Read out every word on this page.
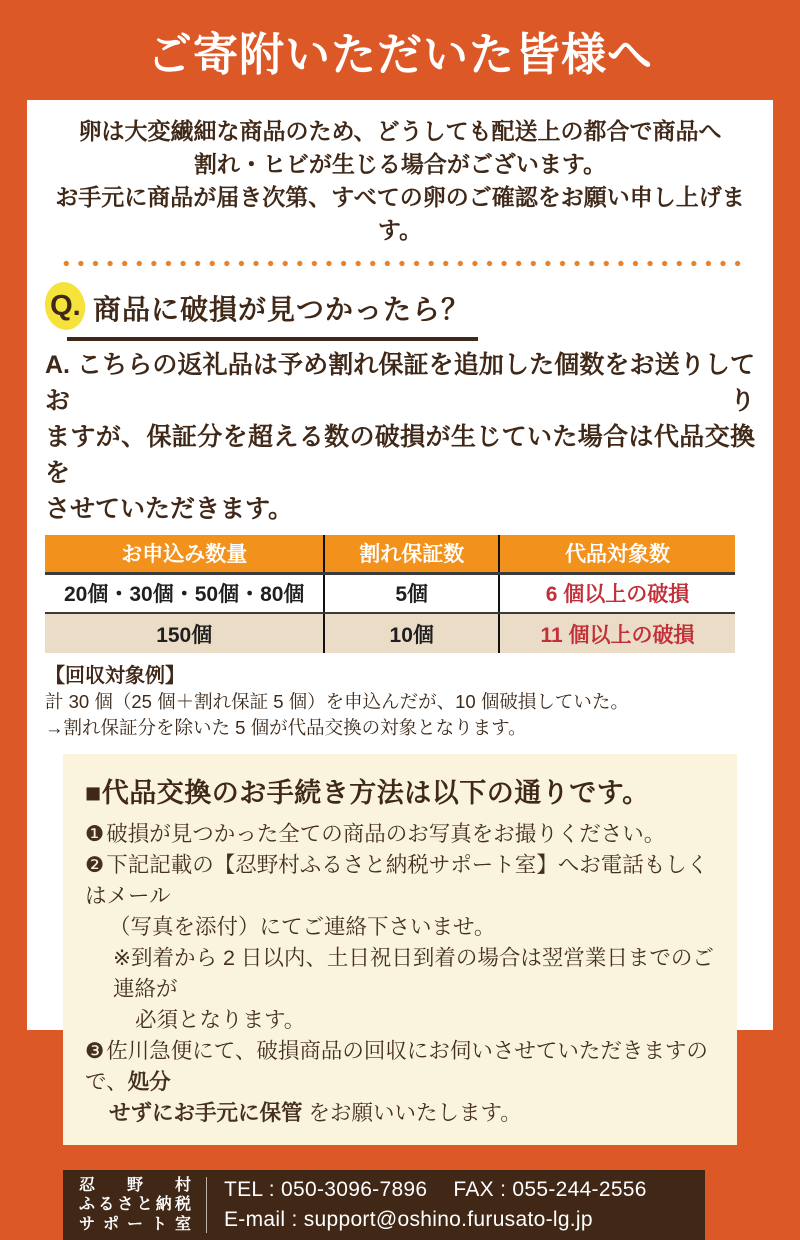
ご寄附いただいた皆様へ
卵は大変繊細な商品のため、どうしても配送上の都合で商品へ
割れ・ヒビが生じる場合がございます。
お手元に商品が届き次第、すべての卵のご確認をお願い申し上げます。
Q. 商品に破損が見つかったら？
A. こちらの返礼品は予め割れ保証を追加した個数をお送りしており
ますが、保証分を超える数の破損が生じていた場合は代品交換を
させていただきます。
お申込み数量	割れ保証数	代品対象数
20個・30個・50個・80個	5個	6 個以上の破損
150個	10個	11 個以上の破損
【回収対象例】
計 30 個（25 個＋割れ保証 5 個）を申込んだが、10 個破損していた。
→割れ保証分を除いた 5 個が代品交換の対象となります。
■代品交換のお手続き方法は以下の通りです。
❶破損が見つかった全ての商品のお写真をお撮りください。
❷下記記載の【忍野村ふるさと納税サポート室】へお電話もしくはメール
（写真を添付）にてご連絡下さいませ。
※到着から 2 日以内、土日祝日到着の場合は翌営業日までのご連絡が
必須となります。
❸佐川急便にて、破損商品の回収にお伺いさせていただきますので、処分
せずにお手元に保管 をお願いいたします。
忍野村
ふるさと納税
サポート室
TEL : 050-3096-7896 FAX : 055-244-2556
E-mail : support@oshino.furusato-lg.jp
